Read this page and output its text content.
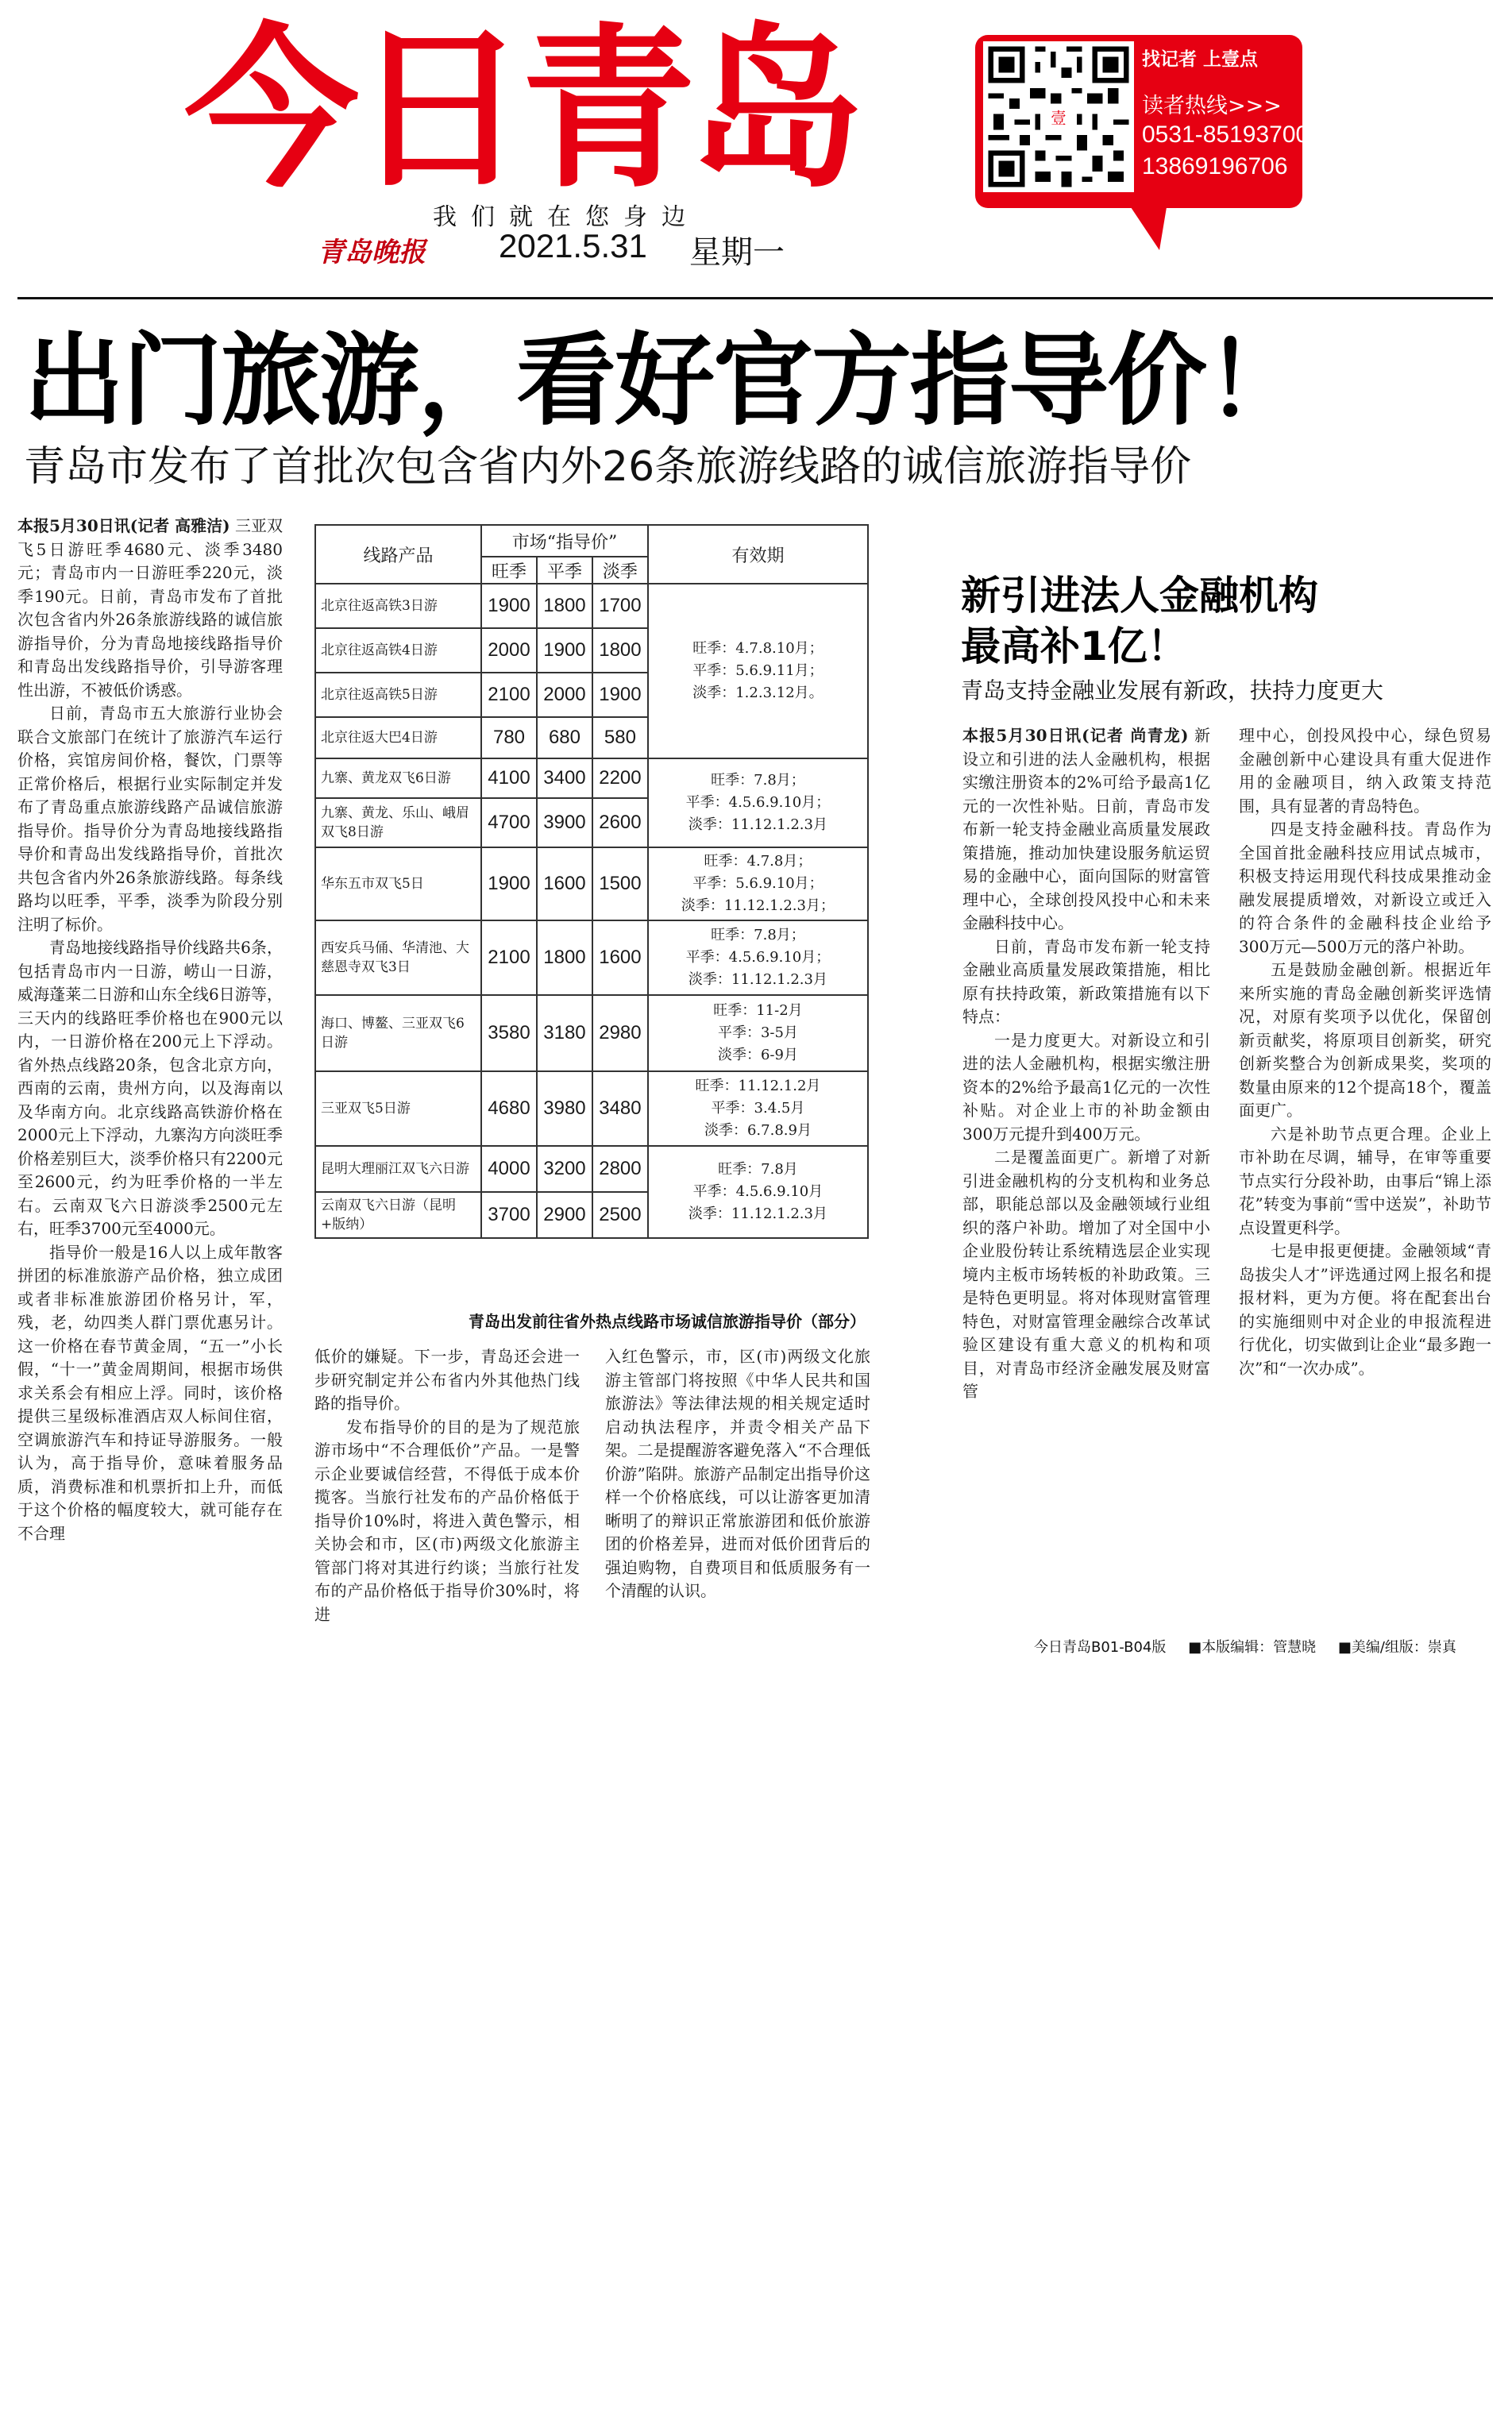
今日青岛
我们就在您身边
青岛晚报 2021.5.31 星期一
壹
找记者 上壹点
读者热线>>>
0531-85193700
13869196706
出门旅游，看好官方指导价！
青岛市发布了首批次包含省内外26条旅游线路的诚信旅游指导价

本报5月30日讯(记者 高雅洁) 三亚双飞5日游旺季4680元、淡季3480元；青岛市内一日游旺季220元，淡季190元。日前，青岛市发布了首批次包含省内外26条旅游线路的诚信旅游指导价，分为青岛地接线路指导价和青岛出发线路指导价，引导游客理性出游，不被低价诱惑。

日前，青岛市五大旅游行业协会联合文旅部门在统计了旅游汽车运行价格，宾馆房间价格，餐饮，门票等正常价格后，根据行业实际制定并发布了青岛重点旅游线路产品诚信旅游指导价。指导价分为青岛地接线路指导价和青岛出发线路指导价，首批次共包含省内外26条旅游线路。每条线路均以旺季，平季，淡季为阶段分别注明了标价。

青岛地接线路指导价线路共6条，包括青岛市内一日游，崂山一日游，威海蓬莱二日游和山东全线6日游等，三天内的线路旺季价格也在900元以内，一日游价格在200元上下浮动。省外热点线路20条，包含北京方向，西南的云南，贵州方向，以及海南以及华南方向。北京线路高铁游价格在2000元上下浮动，九寨沟方向淡旺季价格差别巨大，淡季价格只有2200元至2600元，约为旺季价格的一半左右。云南双飞六日游淡季2500元左右，旺季3700元至4000元。

指导价一般是16人以上成年散客拼团的标准旅游产品价格，独立成团或者非标准旅游团价格另计，军，残，老，幼四类人群门票优惠另计。这一价格在春节黄金周，“五一”小长假，“十一”黄金周期间，根据市场供求关系会有相应上浮。同时，该价格提供三星级标准酒店双人标间住宿，空调旅游汽车和持证导游服务。一般认为，高于指导价，意味着服务品质，消费标准和机票折扣上升，而低于这个价格的幅度较大，就可能存在不合理

线路产品	市场“指导价”			有效期
	旺季	平季	淡季	
北京往返高铁3日游	1900	1800	1700	旺季：4.7.8.10月；
平季：5.6.9.11月；
淡季：1.2.3.12月。

北京往返高铁4日游	2000	1900	1800	
北京往返高铁5日游	2100	2000	1900	
北京往返大巴4日游	780	680	580	
九寨、黄龙双飞6日游	4100	3400	2200	旺季：7.8月；
平季：4.5.6.9.10月；
淡季：11.12.1.2.3月

九寨、黄龙、乐山、峨眉双飞8日游	4700	3900	2600	
华东五市双飞5日	1900	1600	1500	旺季：4.7.8月；
平季：5.6.9.10月；
淡季：11.12.1.2.3月；

西安兵马俑、华清池、大慈恩寺双飞3日	2100	1800	1600	旺季：7.8月；
平季：4.5.6.9.10月；
淡季：11.12.1.2.3月

海口、博鳌、三亚双飞6日游	3580	3180	2980	旺季：11-2月
平季：3-5月
淡季：6-9月

三亚双飞5日游	4680	3980	3480	旺季：11.12.1.2月
平季：3.4.5月
淡季：6.7.8.9月

昆明大理丽江双飞六日游	4000	3200	2800	旺季：7.8月
平季：4.5.6.9.10月
淡季：11.12.1.2.3月

云南双飞六日游（昆明+版纳）	3700	2900	2500	
青岛出发前往省外热点线路市场诚信旅游指导价（部分）

低价的嫌疑。下一步，青岛还会进一步研究制定并公布省内外其他热门线路的指导价。

发布指导价的目的是为了规范旅游市场中“不合理低价”产品。一是警示企业要诚信经营，不得低于成本价揽客。当旅行社发布的产品价格低于指导价10%时，将进入黄色警示，相关协会和市，区(市)两级文化旅游主管部门将对其进行约谈；当旅行社发布的产品价格低于指导价30%时，将进

入红色警示，市，区(市)两级文化旅游主管部门将按照《中华人民共和国旅游法》等法律法规的相关规定适时启动执法程序，并责令相关产品下架。二是提醒游客避免落入“不合理低价游”陷阱。旅游产品制定出指导价这样一个价格底线，可以让游客更加清晰明了的辩识正常旅游团和低价旅游团的价格差异，进而对低价团背后的强迫购物，自费项目和低质服务有一个清醒的认识。

新引进法人金融机构
最高补1亿！
青岛支持金融业发展有新政，扶持力度更大

本报5月30日讯(记者 尚青龙) 新设立和引进的法人金融机构，根据实缴注册资本的2%可给予最高1亿元的一次性补贴。日前，青岛市发布新一轮支持金融业高质量发展政策措施，推动加快建设服务航运贸易的金融中心，面向国际的财富管理中心，全球创投风投中心和未来金融科技中心。

日前，青岛市发布新一轮支持金融业高质量发展政策措施，相比原有扶持政策，新政策措施有以下特点：

一是力度更大。对新设立和引进的法人金融机构，根据实缴注册资本的2%给予最高1亿元的一次性补贴。对企业上市的补助金额由300万元提升到400万元。

二是覆盖面更广。新增了对新引进金融机构的分支机构和业务总部，职能总部以及金融领域行业组织的落户补助。增加了对全国中小企业股份转让系统精选层企业实现境内主板市场转板的补助政策。三是特色更明显。将对体现财富管理特色，对财富管理金融综合改革试验区建设有重大意义的机构和项目，对青岛市经济金融发展及财富管

理中心，创投风投中心，绿色贸易金融创新中心建设具有重大促进作用的金融项目，纳入政策支持范围，具有显著的青岛特色。

四是支持金融科技。青岛作为全国首批金融科技应用试点城市，积极支持运用现代科技成果推动金融发展提质增效，对新设立或迁入的符合条件的金融科技企业给予300万元—500万元的落户补助。

五是鼓励金融创新。根据近年来所实施的青岛金融创新奖评选情况，对原有奖项予以优化，保留创新贡献奖，将原项目创新奖，研究创新奖整合为创新成果奖，奖项的数量由原来的12个提高18个，覆盖面更广。

六是补助节点更合理。企业上市补助在尽调，辅导，在审等重要节点实行分段补助，由事后“锦上添花”转变为事前“雪中送炭”，补助节点设置更科学。

七是申报更便捷。金融领域“青岛拔尖人才”评选通过网上报名和提报材料，更为方便。将在配套出台的实施细则中对企业的申报流程进行优化，切实做到让企业“最多跑一次”和“一次办成”。

今日青岛B01-B04版 ■本版编辑：管慧晓 ■美编/组版：崇真
